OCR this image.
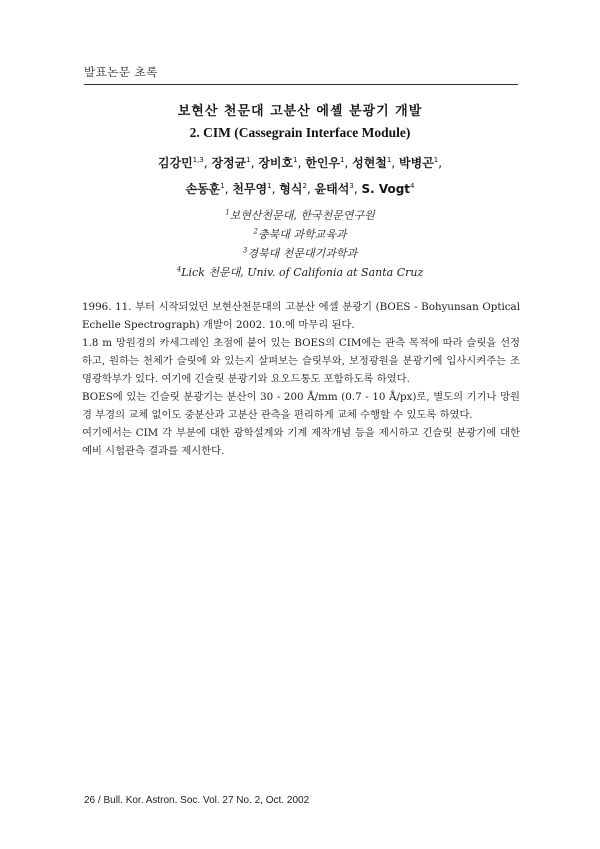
발표논문 초록
보현산 천문대 고분산 에셸 분광기 개발
2. CIM (Cassegrain Interface Module)
김강민$^{1,3}$, 장정균$^1$, 장비호$^1$, 한인우$^1$, 성현철$^1$, 박병곤$^1$,
손동훈$^1$, 천무영$^1$, 형식$^2$, 윤태석$^3$, S. Vogt$^4$
$^1$보현산천문대, 한국천문연구원
$^2$충북대 과학교육과
$^3$경북대 천문대기과학과
$^4$Lick 천문대, Univ. of Califonia at Santa Cruz

1996. 11. 부터 시작되었던 보현산천문대의 고분산 에셸 분광기 (BOES - Bohyunsan Optical Echelle Spectrograph) 개발이 2002. 10.에 마무리 된다.

1.8 m 망원경의 카세그레인 초점에 붙어 있는 BOES의 CIM에는 관측 목적에 따라 슬릿을 선정하고, 원하는 천체가 슬릿에 와 있는지 살펴보는 슬릿부와, 보정광원을 분광기에 입사시켜주는 조명광학부가 있다. 여기에 긴슬릿 분광기와 요오드통도 포함하도록 하였다.

BOES에 있는 긴슬릿 분광기는 분산이 30 - 200 Å/mm (0.7 - 10 Å/px)로, 별도의 기기나 망원경 부경의 교체 없이도 중분산과 고분산 관측을 편리하게 교체 수행할 수 있도록 하였다.

여기에서는 CIM 각 부분에 대한 광학설계와 기계 제작개념 등을 제시하고 긴슬릿 분광기에 대한 예비 시험관측 결과를 제시한다.

26 / Bull. Kor. Astron. Soc. Vol. 27 No. 2, Oct. 2002
